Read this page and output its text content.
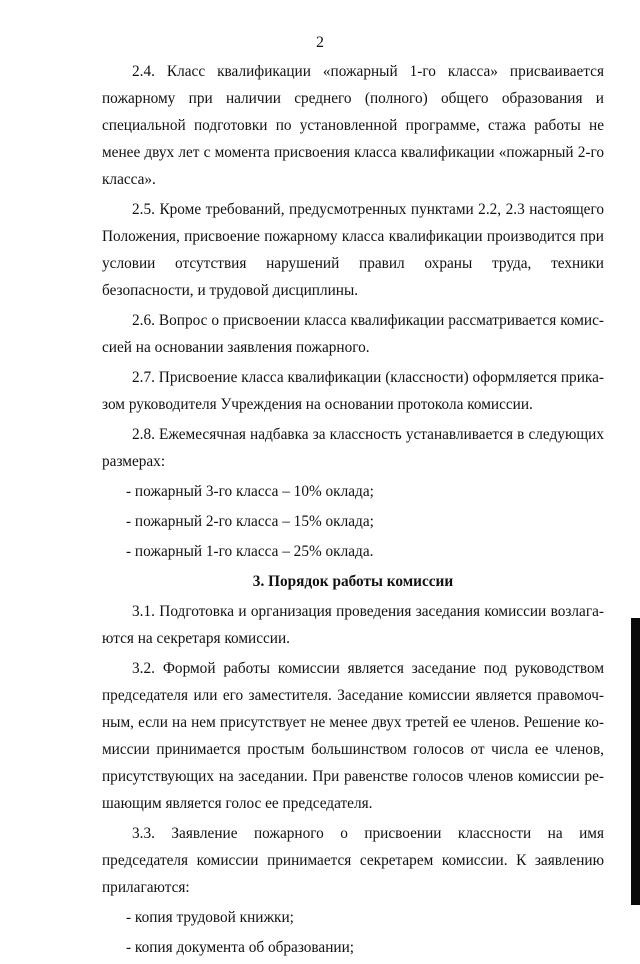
2

2.4. Класс квалификации «пожарный 1-го класса» присваивается пожарному при наличии среднего (полного) общего образования и специальной подготовки по установленной программе, стажа работы не менее двух лет с момента присвоения класса квалификации «пожарный 2-го класса».

2.5. Кроме требований, предусмотренных пунктами 2.2, 2.3 настоящего Положения, присвоение пожарному класса квалификации производится при условии отсутствия нарушений правил охраны труда, техники безопасности, и трудовой дисциплины.

2.6. Вопрос о присвоении класса квалификации рассматривается комиссией на основании заявления пожарного.

2.7. Присвоение класса квалификации (классности) оформляется приказом руководителя Учреждения на основании протокола комиссии.

2.8. Ежемесячная надбавка за классность устанавливается в следующих размерах:

- пожарный 3-го класса – 10% оклада;

- пожарный 2-го класса – 15% оклада;

- пожарный 1-го класса – 25% оклада.

3. Порядок работы комиссии

3.1. Подготовка и организация проведения заседания комиссии возлагаются на секретаря комиссии.

3.2. Формой работы комиссии является заседание под руководством председателя или его заместителя. Заседание комиссии является правомочным, если на нем присутствует не менее двух третей ее членов. Решение комиссии принимается простым большинством голосов от числа ее членов, присутствующих на заседании. При равенстве голосов членов комиссии решающим является голос ее председателя.

3.3. Заявление пожарного о присвоении классности на имя председателя комиссии принимается секретарем комиссии. К заявлению прилагаются:

- копия трудовой книжки;

- копия документа об образовании;
